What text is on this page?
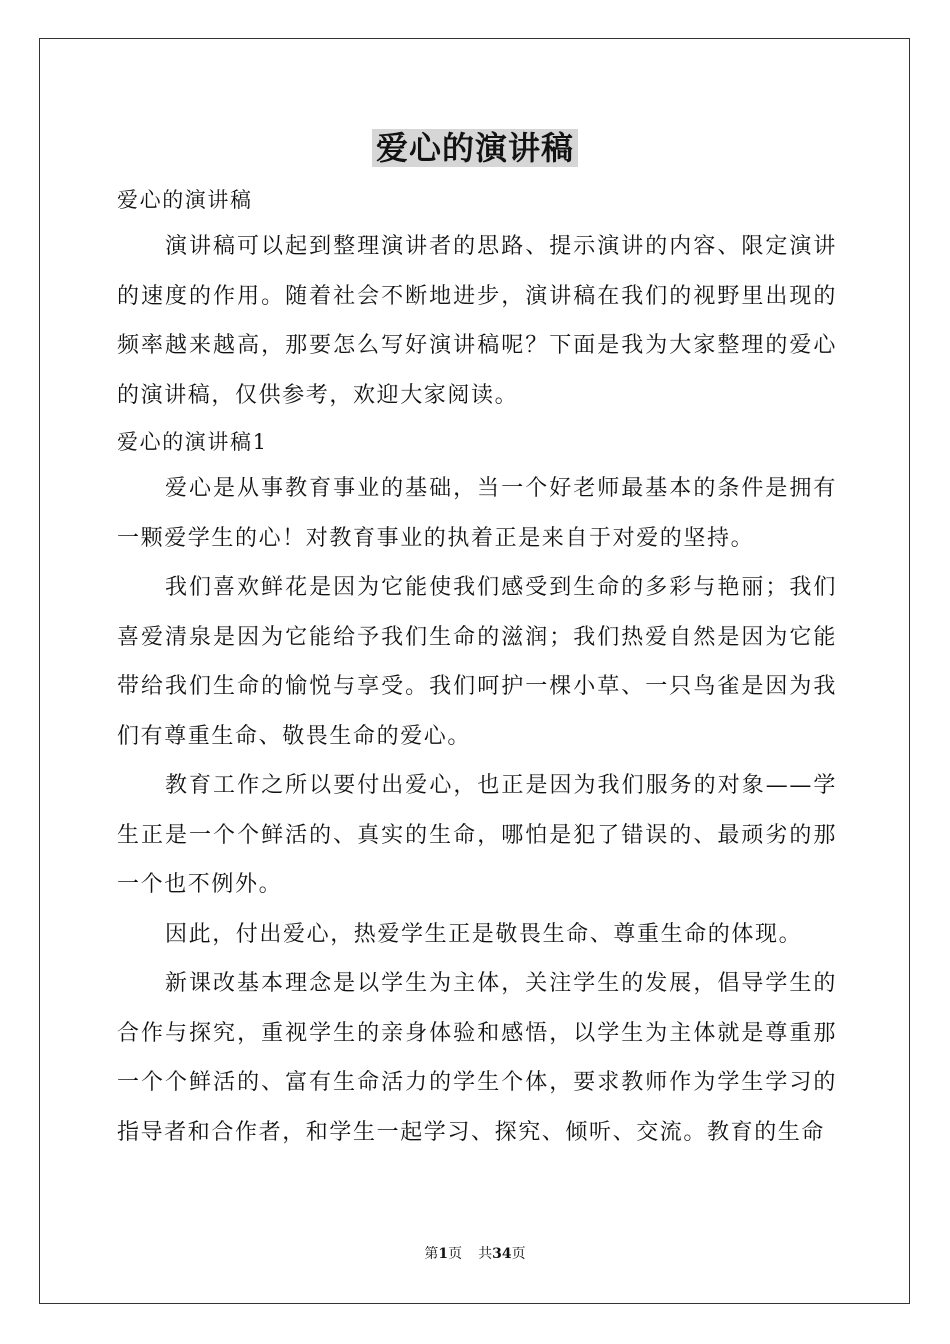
爱心的演讲稿

爱心的演讲稿

演讲稿可以起到整理演讲者的思路、提示演讲的内容、限定演讲的速度的作用。随着社会不断地进步，演讲稿在我们的视野里出现的频率越来越高，那要怎么写好演讲稿呢？下面是我为大家整理的爱心的演讲稿，仅供参考，欢迎大家阅读。

爱心的演讲稿1

爱心是从事教育事业的基础，当一个好老师最基本的条件是拥有一颗爱学生的心！对教育事业的执着正是来自于对爱的坚持。

我们喜欢鲜花是因为它能使我们感受到生命的多彩与艳丽；我们喜爱清泉是因为它能给予我们生命的滋润；我们热爱自然是因为它能带给我们生命的愉悦与享受。我们呵护一棵小草、一只鸟雀是因为我们有尊重生命、敬畏生命的爱心。

教育工作之所以要付出爱心，也正是因为我们服务的对象——学生正是一个个鲜活的、真实的生命，哪怕是犯了错误的、最顽劣的那一个也不例外。

因此，付出爱心，热爱学生正是敬畏生命、尊重生命的体现。

新课改基本理念是以学生为主体，关注学生的发展，倡导学生的合作与探究，重视学生的亲身体验和感悟，以学生为主体就是尊重那一个个鲜活的、富有生命活力的学生个体，要求教师作为学生学习的指导者和合作者，和学生一起学习、探究、倾听、交流。教育的生命

第1页 共34页
